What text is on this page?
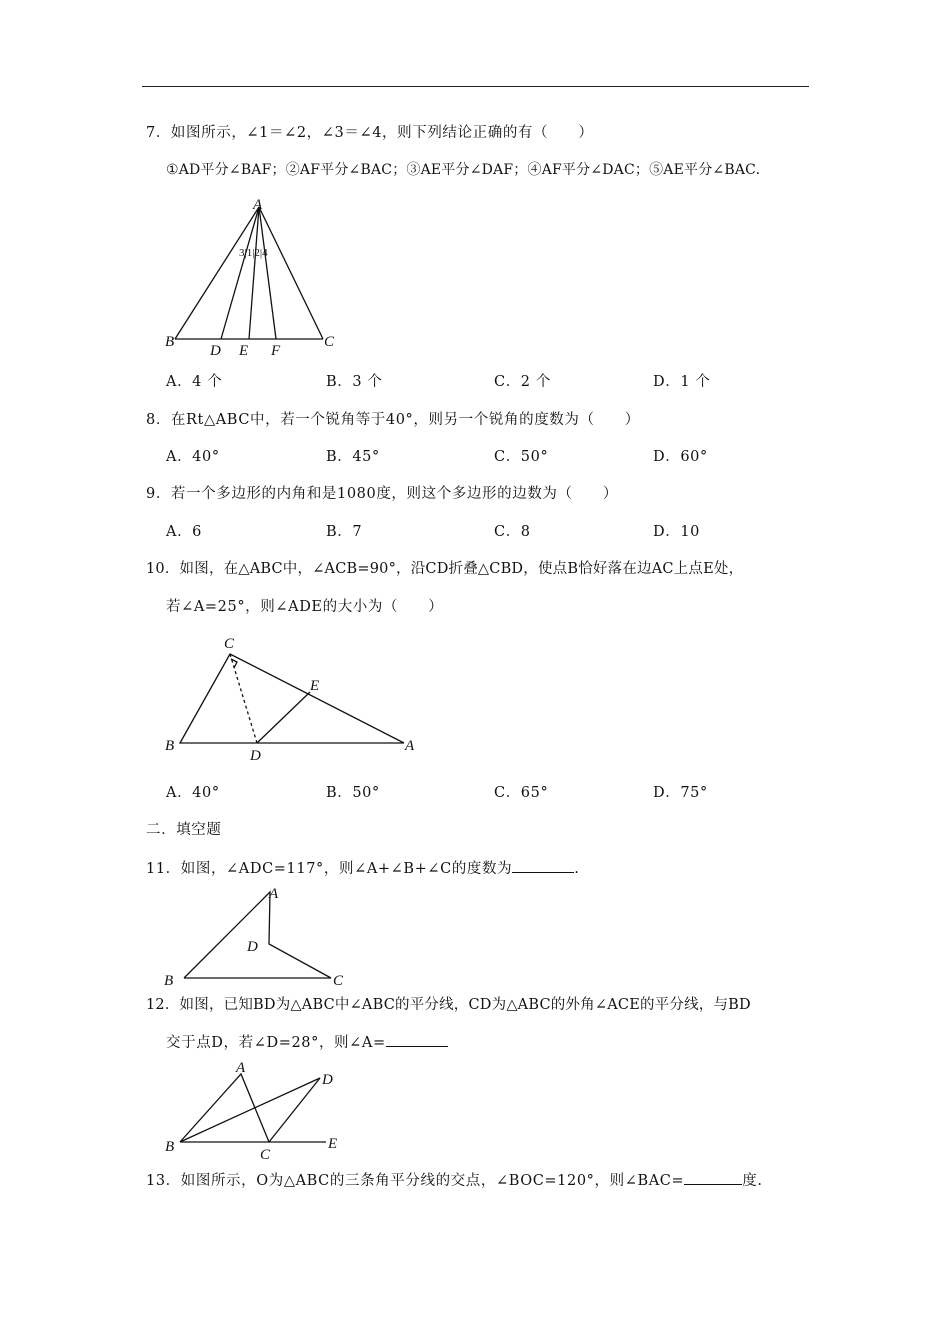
7．如图所示，∠1＝∠2，∠3＝∠4，则下列结论正确的有（　　）
①AD平分∠BAF；②AF平分∠BAC；③AE平分∠DAF；④AF平分∠DAC；⑤AE平分∠BAC.
A
B	C
D E F
3|1|2|4
A．4 个	B．3 个	C．2 个	D．1 个
8．在Rt△ABC中，若一个锐角等于40°，则另一个锐角的度数为（　　）
A．40°	B．45°	C．50°	D．60°
9．若一个多边形的内角和是1080度，则这个多边形的边数为（　　）
A．6	B．7	C．8	D．10
10．如图，在△ABC中，∠ACB=90°，沿CD折叠△CBD，使点B恰好落在边AC上点E处，
若∠A=25°，则∠ADE的大小为（　　）
C
B	A
D
E
A．40°	B．50°	C．65°	D．75°
二．填空题
11．如图，∠ADC=117°，则∠A+∠B+∠C的度数为	.
A
B	C
D
12．如图，已知BD为△ABC中∠ABC的平分线，CD为△ABC的外角∠ACE的平分线，与BD
交于点D，若∠D=28°，则∠A=
A
B	C
D
E
13．如图所示，O为△ABC的三条角平分线的交点，∠BOC=120°，则∠BAC=	度.
